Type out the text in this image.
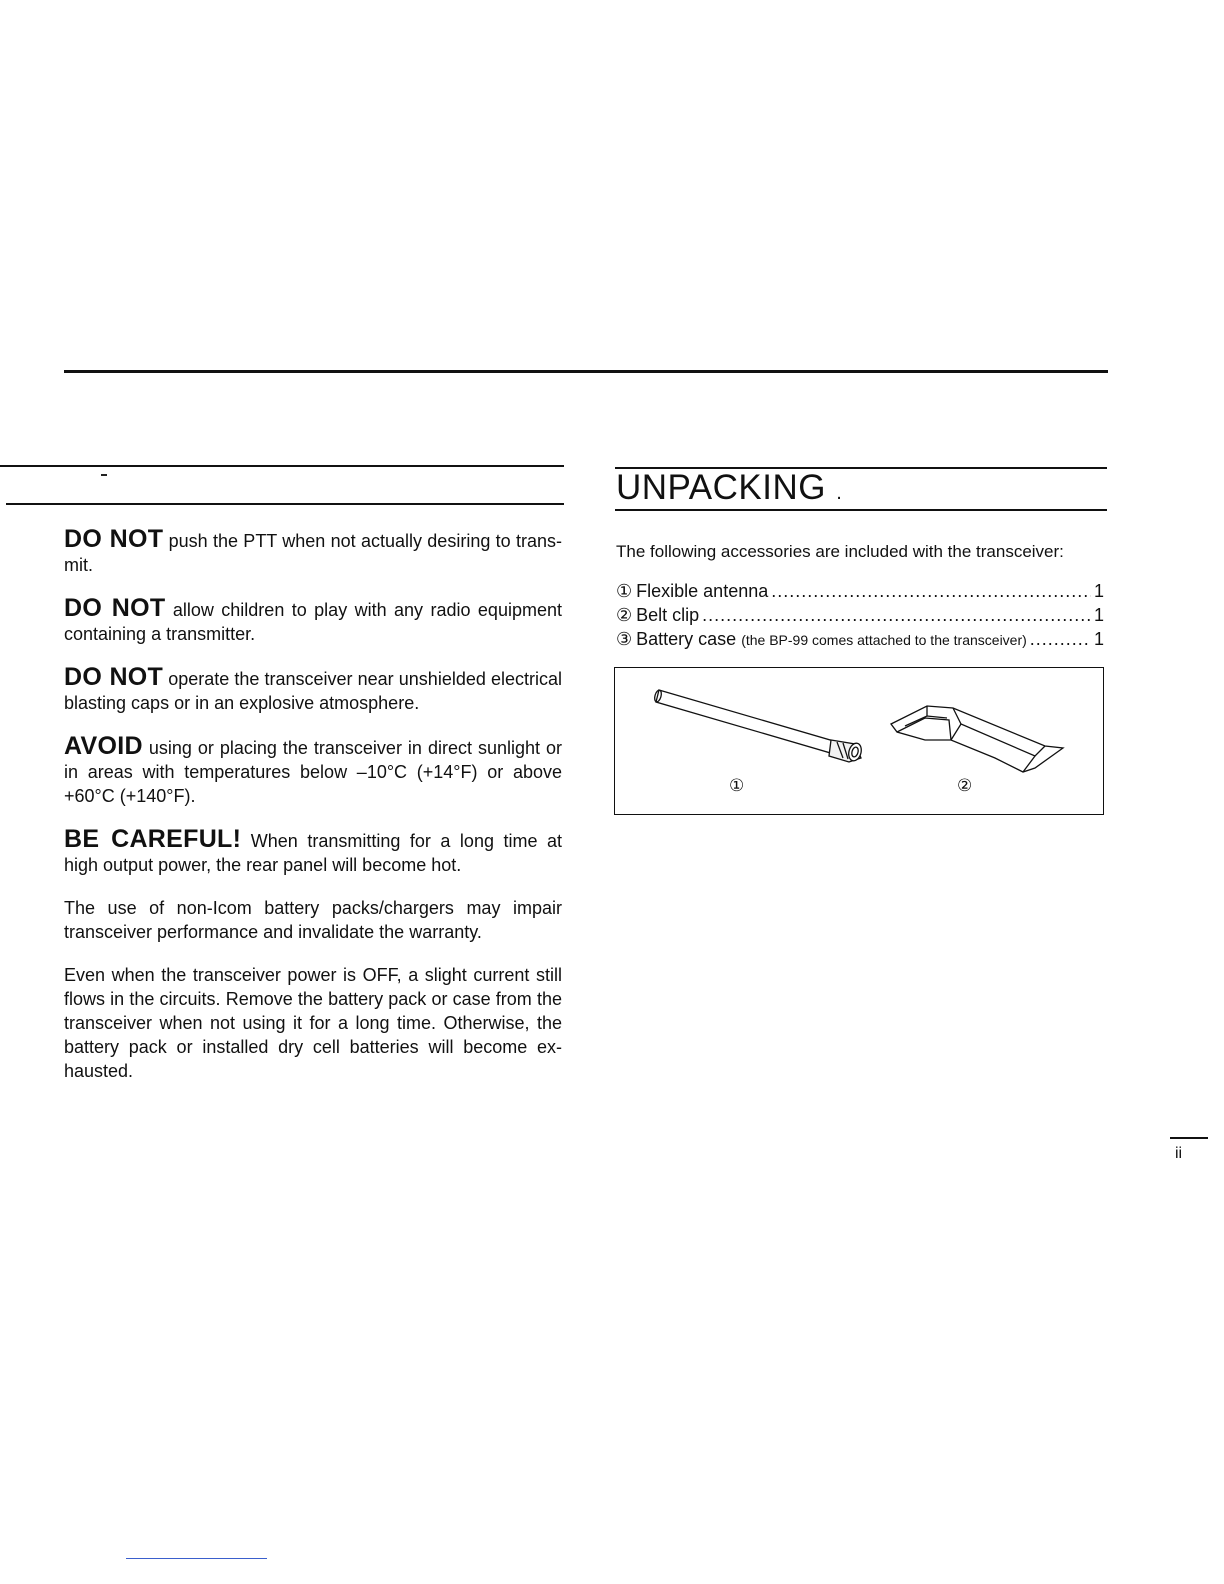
DO NOT push the PTT when not actually desiring to trans-mit.

DO NOT allow children to play with any radio equipment containing a transmitter.

DO NOT operate the transceiver near unshielded electrical blasting caps or in an explosive atmosphere.

AVOID using or placing the transceiver in direct sunlight or in areas with temperatures below –10°C (+14°F) or above +60°C (+140°F).

BE CAREFUL! When transmitting for a long time at high output power, the rear panel will become hot.

The use of non-Icom battery packs/chargers may impair transceiver performance and invalidate the warranty.

Even when the transceiver power is OFF, a slight current still flows in the circuits. Remove the battery pack or case from the transceiver when not using it for a long time. Otherwise, the battery pack or installed dry cell batteries will become ex-hausted.

UNPACKING .

The following accessories are included with the transceiver:

① Flexible antenna .....	1
② Belt clip .....	1
③ Battery case
(the BP-99 comes attached to the transceiver) .....	1
①	②
ii
